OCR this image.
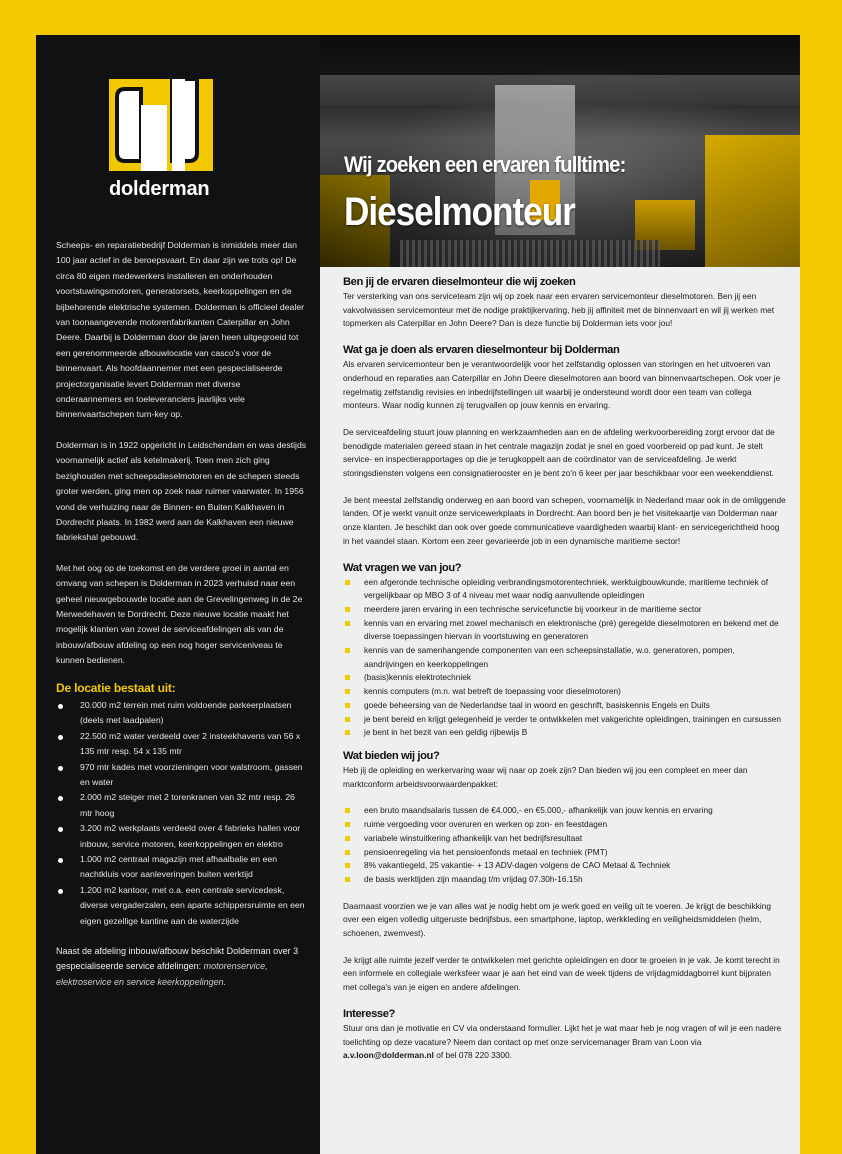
dolderman

Scheeps- en reparatiebedrijf Dolderman is inmiddels meer dan 100 jaar actief in de beroepsvaart. En daar zijn we trots op! De circa 80 eigen medewerkers installeren en onderhouden voortstuwingsmotoren, generatorsets, keerkoppelingen en de bijbehorende elektrische systemen. Dolderman is officieel dealer van toonaangevende motorenfabrikanten Caterpillar en John Deere. Daarbij is Dolderman door de jaren heen uitgegroeid tot een gerenommeerde afbouwlocatie van casco's voor de binnenvaart. Als hoofdaannemer met een gespecialiseerde projectorganisatie levert Dolderman met diverse onderaannemers en toeleveranciers jaarlijks vele binnenvaartschepen turn-key op.

Dolderman is in 1922 opgericht in Leidschendam en was destijds voornamelijk actief als ketelmakerij. Toen men zich ging bezighouden met scheepsdieselmotoren en de schepen steeds groter werden, ging men op zoek naar ruimer vaarwater. In 1956 vond de verhuizing naar de Binnen- en Buiten Kalkhaven in Dordrecht plaats. In 1982 werd aan de Kalkhaven een nieuwe fabriekshal gebouwd.

Met het oog op de toekomst en de verdere groei in aantal en omvang van schepen is Dolderman in 2023 verhuisd naar een geheel nieuwgebouwde locatie aan de Grevelingenweg in de 2e Merwedehaven te Dordrecht. Deze nieuwe locatie maakt het mogelijk klanten van zowel de serviceafdelingen als van de inbouw/afbouw afdeling op een nog hoger serviceniveau te kunnen bedienen.

De locatie bestaat uit:
20.000 m2 terrein met ruim voldoende parkeerplaatsen (deels met laadpalen)
22.500 m2 water verdeeld over 2 insteekhavens van 56 x 135 mtr resp. 54 x 135 mtr
970 mtr kades met voorzieningen voor walstroom, gassen en water
2.000 m2 steiger met 2 torenkranen van 32 mtr resp. 26 mtr hoog
3.200 m2 werkplaats verdeeld over 4 fabrieks hallen voor inbouw, service motoren, keerkoppelingen en elektro
1.000 m2 centraal magazijn met afhaalbalie en een nachtkluis voor aanleveringen buiten werktijd
1.200 m2 kantoor, met o.a. een centrale servicedesk, diverse vergaderzalen, een aparte schippersruimte en een eigen gezellige kantine aan de waterzijde
Naast de afdeling inbouw/afbouw beschikt Dolderman over 3 gespecialiseerde service afdelingen: motorenservice, elektroservice en service keerkoppelingen.
Wij zoeken een ervaren fulltime:
Dieselmonteur
Ben jij de ervaren dieselmonteur die wij zoeken

Ter versterking van ons serviceteam zijn wij op zoek naar een ervaren servicemonteur dieselmotoren. Ben jij een vakvolwassen servicemonteur met de nodige praktijkervaring, heb jij affiniteit met de binnenvaart en wil jij werken met topmerken als Caterpillar en John Deere? Dan is deze functie bij Dolderman iets voor jou!

Wat ga je doen als ervaren dieselmonteur bij Dolderman

Als ervaren servicemonteur ben je verantwoordelijk voor het zelfstandig oplossen van storingen en het uitvoeren van onderhoud en reparaties aan Caterpillar en John Deere dieselmotoren aan boord van binnenvaartschepen. Ook voer je regelmatig zelfstandig revisies en inbedrijfstellingen uit waarbij je ondersteund wordt door een team van collega monteurs. Waar nodig kunnen zij terugvallen op jouw kennis en ervaring.

De serviceafdeling stuurt jouw planning en werkzaamheden aan en de afdeling werkvoorbereiding zorgt ervoor dat de benodigde materialen gereed staan in het centrale magazijn zodat je snel en goed voorbereid op pad kunt. Je stelt service- en inspectierapportages op die je terugkoppelt aan de coördinator van de serviceafdeling. Je werkt storingsdiensten volgens een consignatierooster en je bent zo'n 6 keer per jaar beschikbaar voor een weekenddienst.

Je bent meestal zelfstandig onderweg en aan boord van schepen, voornamelijk in Nederland maar ook in de omliggende landen. Of je werkt vanuit onze servicewerkplaats in Dordrecht. Aan boord ben je het visitekaartje van Dolderman naar onze klanten. Je beschikt dan ook over goede communicatieve vaardigheden waarbij klant- en servicegerichtheid hoog in het vaandel staan. Kortom een zeer gevarieerde job in een dynamische maritieme sector!

Wat vragen we van jou?
een afgeronde technische opleiding verbrandingsmotorentechniek, werktuigbouwkunde, maritieme techniek of vergelijkbaar op MBO 3 of 4 niveau met waar nodig aanvullende opleidingen
meerdere jaren ervaring in een technische servicefunctie bij voorkeur in de maritieme sector
kennis van en ervaring met zowel mechanisch en elektronische (pré) geregelde dieselmotoren en bekend met de diverse toepassingen hiervan in voortstuwing en generatoren
kennis van de samenhangende componenten van een scheepsinstallatie, w.o. generatoren, pompen, aandrijvingen en keerkoppelingen
(basis)kennis elektrotechniek
kennis computers (m.n. wat betreft de toepassing voor dieselmotoren)
goede beheersing van de Nederlandse taal in woord en geschrift, basiskennis Engels en Duits
je bent bereid en krijgt gelegenheid je verder te ontwikkelen met vakgerichte opleidingen, trainingen en cursussen
je bent in het bezit van een geldig rijbewijs B
Wat bieden wij jou?

Heb jij de opleiding en werkervaring waar wij naar op zoek zijn? Dan bieden wij jou een compleet en meer dan marktconform arbeidsvoorwaardenpakket:

een bruto maandsalaris tussen de €4.000,- en €5.000,- afhankelijk van jouw kennis en ervaring
ruime vergoeding voor overuren en werken op zon- en feestdagen
variabele winstuitkering afhankelijk van het bedrijfsresultaat
pensioenregeling via het pensioenfonds metaal en techniek (PMT)
8% vakantiegeld, 25 vakantie- + 13 ADV-dagen volgens de CAO Metaal & Techniek
de basis werktijden zijn maandag t/m vrijdag 07.30h-16.15h

Daarnaast voorzien we je van alles wat je nodig hebt om je werk goed en veilig uit te voeren. Je krijgt de beschikking over een eigen volledig uitgeruste bedrijfsbus, een smartphone, laptop, werkkleding en veiligheidsmiddelen (helm, schoenen, zwemvest).

Je krijgt alle ruimte jezelf verder te ontwikkelen met gerichte opleidingen en door te groeien in je vak. Je komt terecht in een informele en collegiale werksfeer waar je aan het eind van de week tijdens de vrijdagmiddagborrel kunt bijpraten met collega's van je eigen en andere afdelingen.

Interesse?

Stuur ons dan je motivatie en CV via onderstaand formulier. Lijkt het je wat maar heb je nog vragen of wil je een nadere toelichting op deze vacature? Neem dan contact op met onze servicemanager Bram van Loon via a.v.loon@dolderman.nl of bel 078 220 3300.
